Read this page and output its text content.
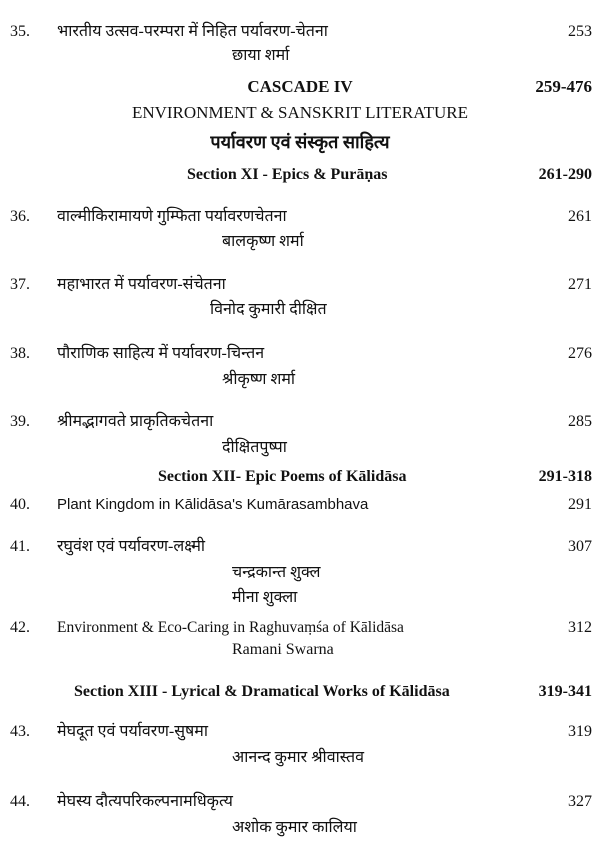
35. भारतीय उत्सव-परम्परा में निहित पर्यावरण-चेतना	253
छाया शर्मा
CASCADE IV	259-476
ENVIRONMENT & SANSKRIT LITERATURE
पर्यावरण एवं संस्कृत साहित्य
Section XI - Epics & Purāṇas	261-290
36. वाल्मीकिरामायणे गुम्फिता पर्यावरणचेतना	261
बालकृष्ण शर्मा
37. महाभारत में पर्यावरण-संचेतना	271
विनोद कुमारी दीक्षित
38. पौराणिक साहित्य में पर्यावरण-चिन्तन	276
श्रीकृष्ण शर्मा
39. श्रीमद्भागवते प्राकृतिकचेतना	285
दीक्षितपुष्पा
Section XII- Epic Poems of Kālidāsa	291-318
40. Plant Kingdom in Kālidāsa's Kumārasambhava	291
41. रघुवंश एवं पर्यावरण-लक्ष्मी	307
चन्द्रकान्त शुक्ल
मीना शुक्ला
42. Environment & Eco-Caring in Raghuvaṃśa of Kālidāsa	312
Ramani Swarna
Section XIII - Lyrical & Dramatical Works of Kālidāsa	319-341
43. मेघदूत एवं पर्यावरण-सुषमा	319
आनन्द कुमार श्रीवास्तव
44. मेघस्य दौत्यपरिकल्पनामधिकृत्य	327
अशोक कुमार कालिया
